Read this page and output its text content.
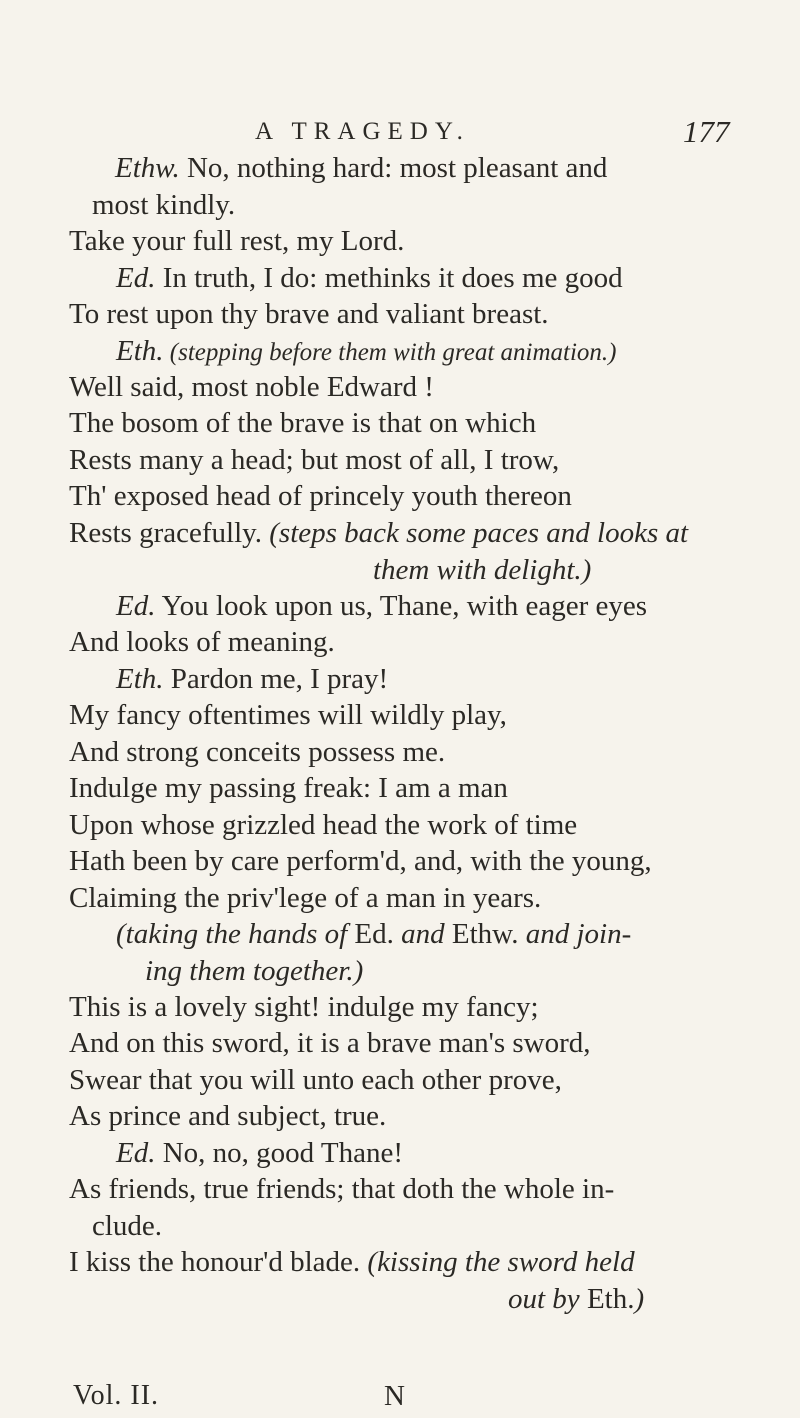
A TRAGEDY.	177
Ethw. No, nothing hard: most pleasant and
most kindly.
Take your full rest, my Lord.
Ed. In truth, I do: methinks it does me good
To rest upon thy brave and valiant breast.
Eth. (stepping before them with great animation.)
Well said, most noble Edward !
The bosom of the brave is that on which
Rests many a head; but most of all, I trow,
Th' exposed head of princely youth thereon
Rests gracefully. (steps back some paces and looks at
them with delight.)
Ed. You look upon us, Thane, with eager eyes
And looks of meaning.
Eth. Pardon me, I pray!
My fancy oftentimes will wildly play,
And strong conceits possess me.
Indulge my passing freak: I am a man
Upon whose grizzled head the work of time
Hath been by care perform'd, and, with the young,
Claiming the priv'lege of a man in years.
(taking the hands of Ed. and Ethw. and join-
ing them together.)
This is a lovely sight! indulge my fancy;
And on this sword, it is a brave man's sword,
Swear that you will unto each other prove,
As prince and subject, true.
Ed. No, no, good Thane!
As friends, true friends; that doth the whole in-
clude.
I kiss the honour'd blade. (kissing the sword held
out by Eth.)
Vol. II.	N
